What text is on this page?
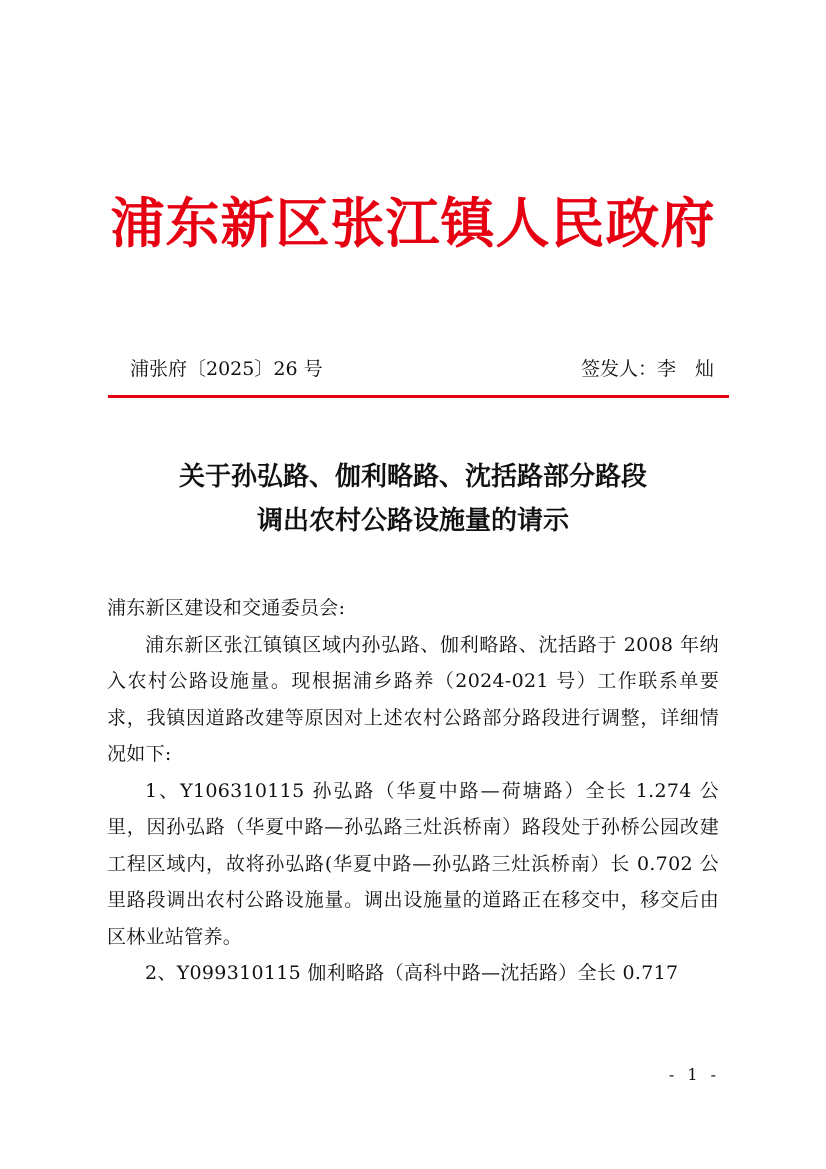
浦东新区张江镇人民政府
浦张府〔2025〕26 号	签发人：李　灿
关于孙弘路、伽利略路、沈括路部分路段
调出农村公路设施量的请示

浦东新区建设和交通委员会:

浦东新区张江镇镇区域内孙弘路、伽利略路、沈括路于 2008 年纳入农村公路设施量。现根据浦乡路养（2024-021 号）工作联系单要求，我镇因道路改建等原因对上述农村公路部分路段进行调整，详细情况如下:

1、Y106310115 孙弘路（华夏中路—荷塘路）全长 1.274 公里，因孙弘路（华夏中路—孙弘路三灶浜桥南）路段处于孙桥公园改建工程区域内，故将孙弘路(华夏中路—孙弘路三灶浜桥南）长 0.702 公里路段调出农村公路设施量。调出设施量的道路正在移交中，移交后由区林业站管养。

2、Y099310115 伽利略路（高科中路—沈括路）全长 0.717

- 1 -
